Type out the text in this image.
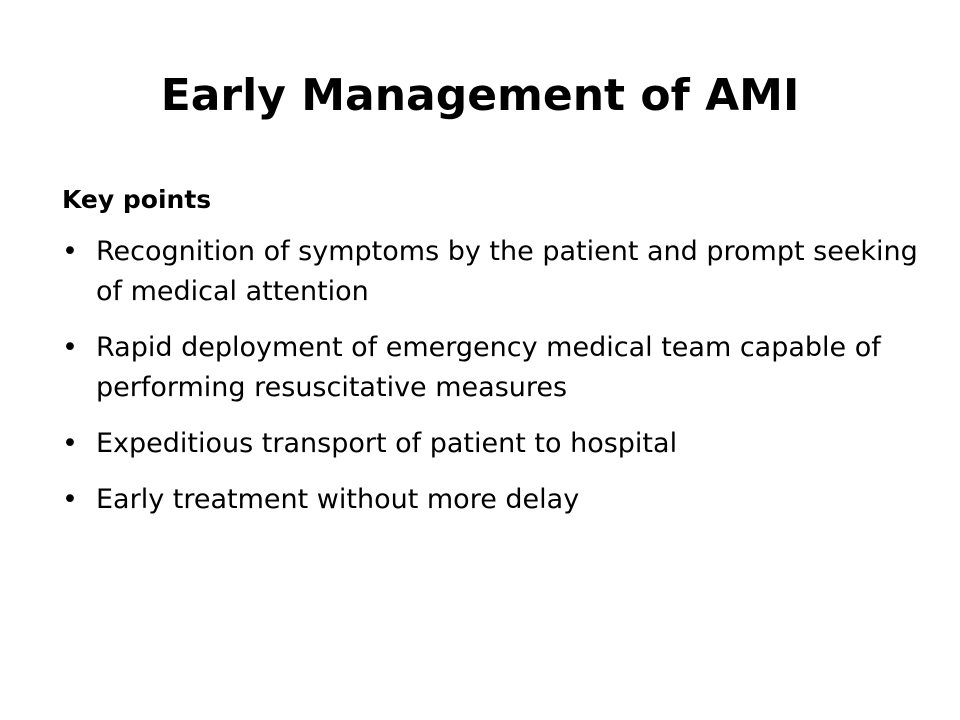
Early Management of AMI
Key points
• Recognition of symptoms by the patient and prompt seeking of medical attention
• Rapid deployment of emergency medical team capable of performing resuscitative measures
• Expeditious transport of patient to hospital
• Early treatment without more delay
